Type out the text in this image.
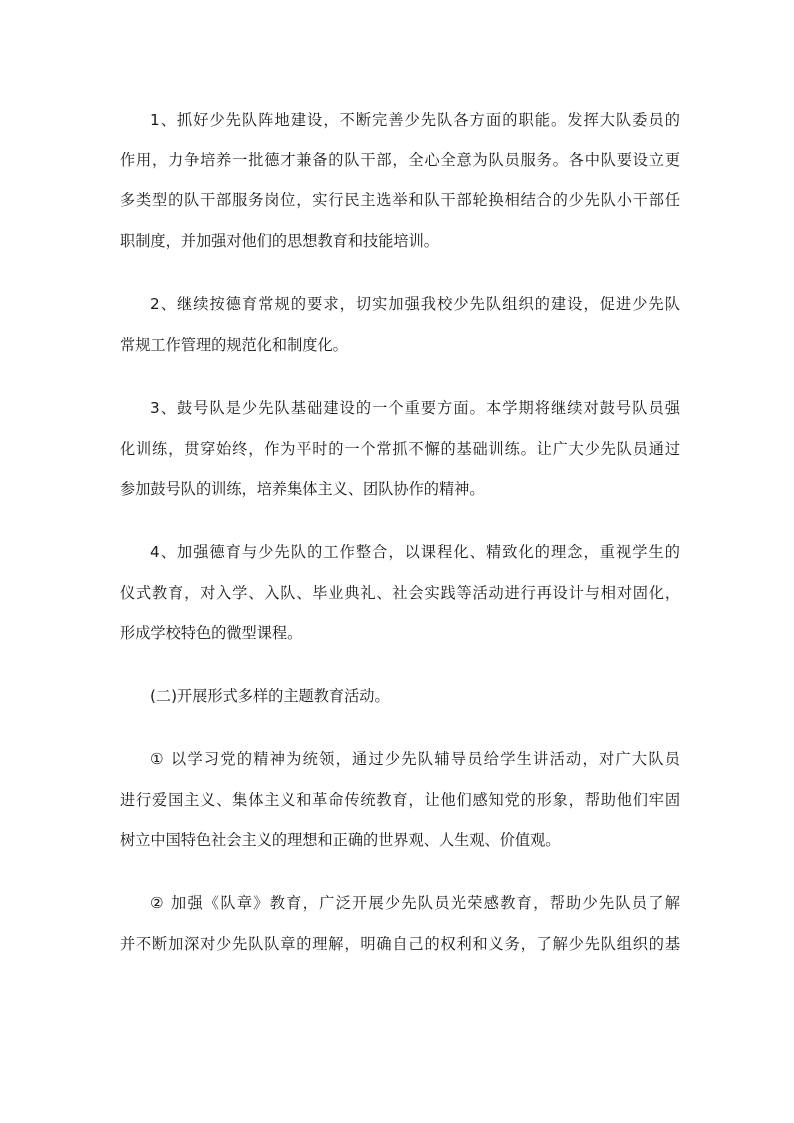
1、抓好少先队阵地建设，不断完善少先队各方面的职能。发挥大队委员的
作用，力争培养一批德才兼备的队干部，全心全意为队员服务。各中队要设立更
多类型的队干部服务岗位，实行民主选举和队干部轮换相结合的少先队小干部任
职制度，并加强对他们的思想教育和技能培训。
2、继续按德育常规的要求，切实加强我校少先队组织的建设，促进少先队
常规工作管理的规范化和制度化。
3、鼓号队是少先队基础建设的一个重要方面。本学期将继续对鼓号队员强
化训练，贯穿始终，作为平时的一个常抓不懈的基础训练。让广大少先队员通过
参加鼓号队的训练，培养集体主义、团队协作的精神。
4、加强德育与少先队的工作整合，以课程化、精致化的理念，重视学生的
仪式教育，对入学、入队、毕业典礼、社会实践等活动进行再设计与相对固化，
形成学校特色的微型课程。
(二)开展形式多样的主题教育活动。
① 以学习党的精神为统领，通过少先队辅导员给学生讲活动，对广大队员
进行爱国主义、集体主义和革命传统教育，让他们感知党的形象，帮助他们牢固
树立中国特色社会主义的理想和正确的世界观、人生观、价值观。
② 加强《队章》教育，广泛开展少先队员光荣感教育，帮助少先队员了解
并不断加深对少先队队章的理解，明确自己的权利和义务，了解少先队组织的基
